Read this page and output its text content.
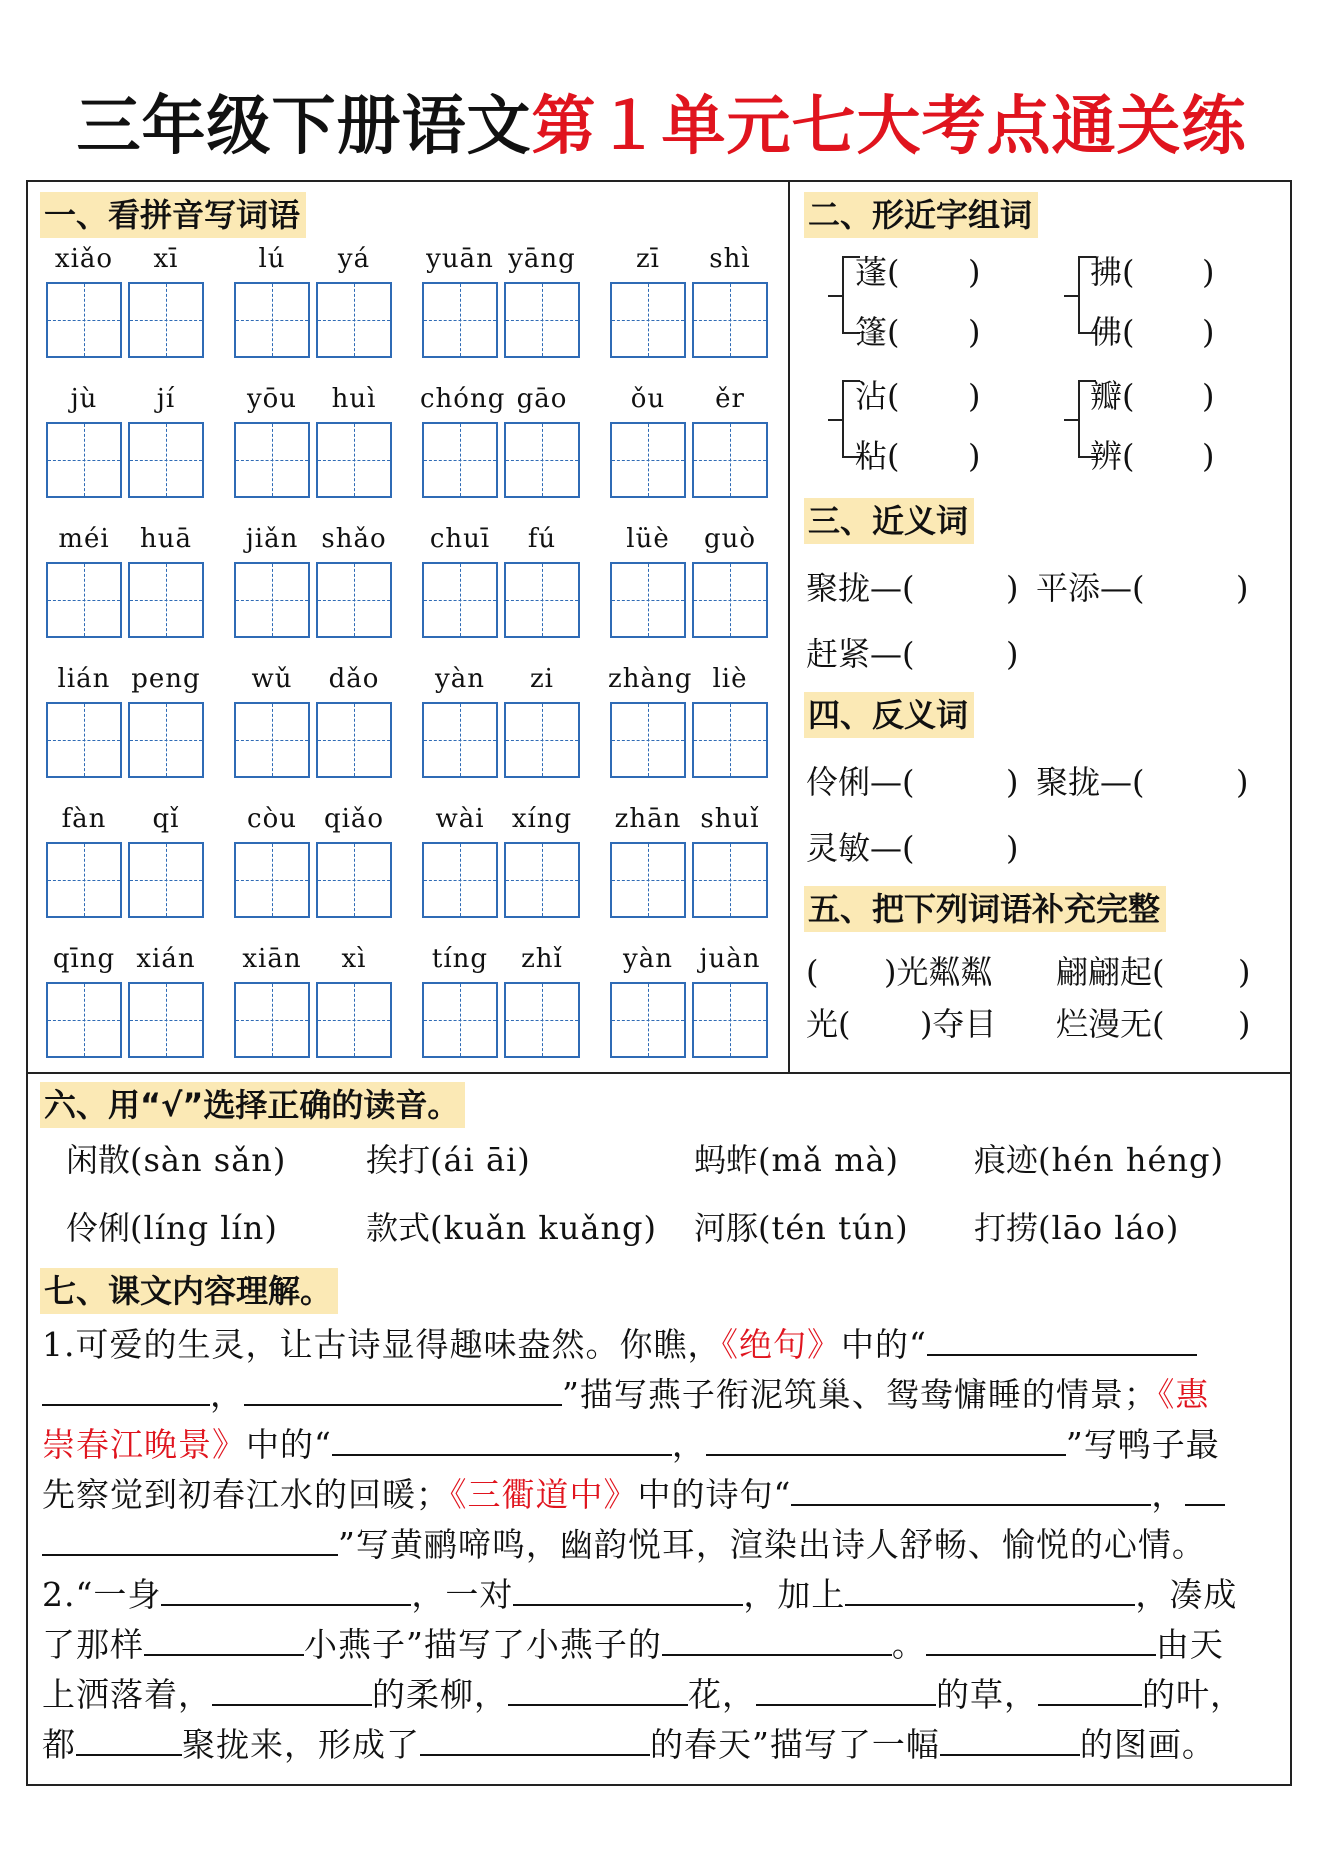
三年级下册语文第１单元七大考点通关练
一、看拼音写词语
xiǎo	xī	lú	yá	yuān yāng	zī	shì
jù	jí	yōu	huì	chóng gāo	ǒu	ěr
méi	huā	jiǎn shǎo	chuī	fú	lüè	guò
lián peng	wǔ	dǎo	yàn	zi	zhàng liè
fàn	qǐ	còu	qiǎo	wài	xíng	zhān shuǐ
qīng xián	xiān	xì	tíng	zhǐ	yàn	juàn
二、形近字组词
蓬( )
篷( )
拂( )
佛( )
沾( )
粘( )
瓣( )
辨( )
三、近义词
聚拢—(	) 平添—(	)
赶紧—(	)
四、反义词
伶俐—(	) 聚拢—(	)
灵敏—(	)
五、把下列词语补充完整
( )光粼粼 翩翩起( )
光( )夺目 烂漫无( )
六、用“√”选择正确的读音。
闲散(sàn sǎn) 挨打(ái āi)	蚂蚱(mǎ mà) 痕迹(hén héng)
伶俐(líng lín)	款式(kuǎn kuǎng) 河豚(tén tún) 打捞(lāo láo)
七、课文内容理解。
1.可爱的生灵，让古诗显得趣味盎然。你瞧，《绝句》中的“
，	”描写燕子衔泥筑巢、鸳鸯慵睡的情景；《惠
崇春江晚景》中的“	，	”写鸭子最
先察觉到初春江水的回暖；《三衢道中》中的诗句“	，
”写黄鹂啼鸣，幽韵悦耳，渲染出诗人舒畅、愉悦的心情。
2.“一身	，一对	，加上	，凑成
了那样	小燕子”描写了小燕子的	。	由天
上洒落着，	的柔柳，	花，	的草，	的叶，
都	聚拢来，形成了	的春天”描写了一幅	的图画。
